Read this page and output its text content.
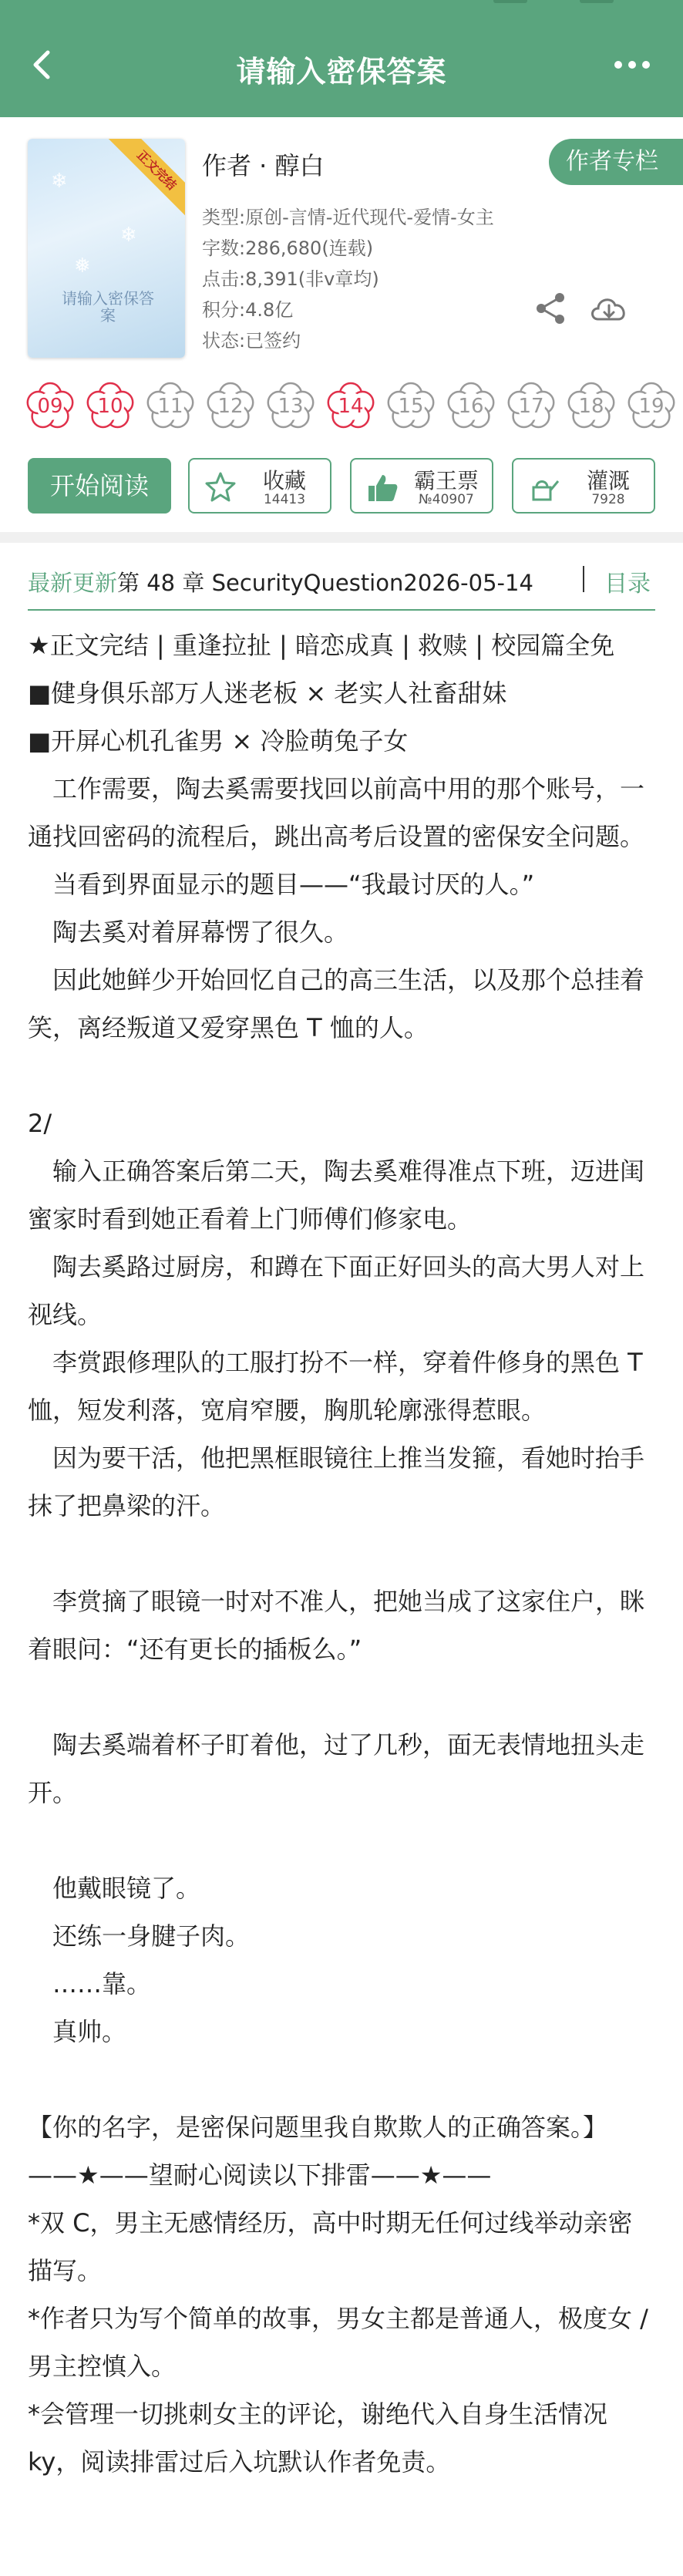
请输入密保答案
❄
❄
❅
正文完结
请输入密保答案
作者 · 醇白	作者专栏
类型:原创-言情-近代现代-爱情-女主
字数:286,680(连载)
点击:8,391(非v章均)
积分:4.8亿
状态:已签约
09	10	11	12	13	14	15	16	17	18	19
开始阅读	收藏
14413
霸王票
№40907
灌溉
7928
最新更新第 48 章 SecurityQuestion2026-05-14	目录

★正文完结 | 重逢拉扯 | 暗恋成真 | 救赎 | 校园篇全免

■健身俱乐部万人迷老板 × 老实人社畜甜妹

■开屏心机孔雀男 × 冷脸萌兔子女

工作需要，陶去奚需要找回以前高中用的那个账号，一通找回密码的流程后，跳出高考后设置的密保安全问题。

当看到界面显示的题目——“我最讨厌的人。”

陶去奚对着屏幕愣了很久。

因此她鲜少开始回忆自己的高三生活，以及那个总挂着笑，离经叛道又爱穿黑色 T 恤的人。

2/

输入正确答案后第二天，陶去奚难得准点下班，迈进闺蜜家时看到她正看着上门师傅们修家电。

陶去奚路过厨房，和蹲在下面正好回头的高大男人对上视线。

李赏跟修理队的工服打扮不一样，穿着件修身的黑色 T 恤，短发利落，宽肩窄腰，胸肌轮廓涨得惹眼。

因为要干活，他把黑框眼镜往上推当发箍，看她时抬手抹了把鼻梁的汗。

李赏摘了眼镜一时对不准人，把她当成了这家住户，眯着眼问：“还有更长的插板么。”

陶去奚端着杯子盯着他，过了几秒，面无表情地扭头走开。

他戴眼镜了。

还练一身腱子肉。

……靠。

真帅。

【你的名字，是密保问题里我自欺欺人的正确答案。】

——★——望耐心阅读以下排雷——★——

*双 C，男主无感情经历，高中时期无任何过线举动亲密描写。

*作者只为写个简单的故事，男女主都是普通人，极度女 / 男主控慎入。

*会管理一切挑刺女主的评论，谢绝代入自身生活情况 ky，阅读排雷过后入坑默认作者免责。
